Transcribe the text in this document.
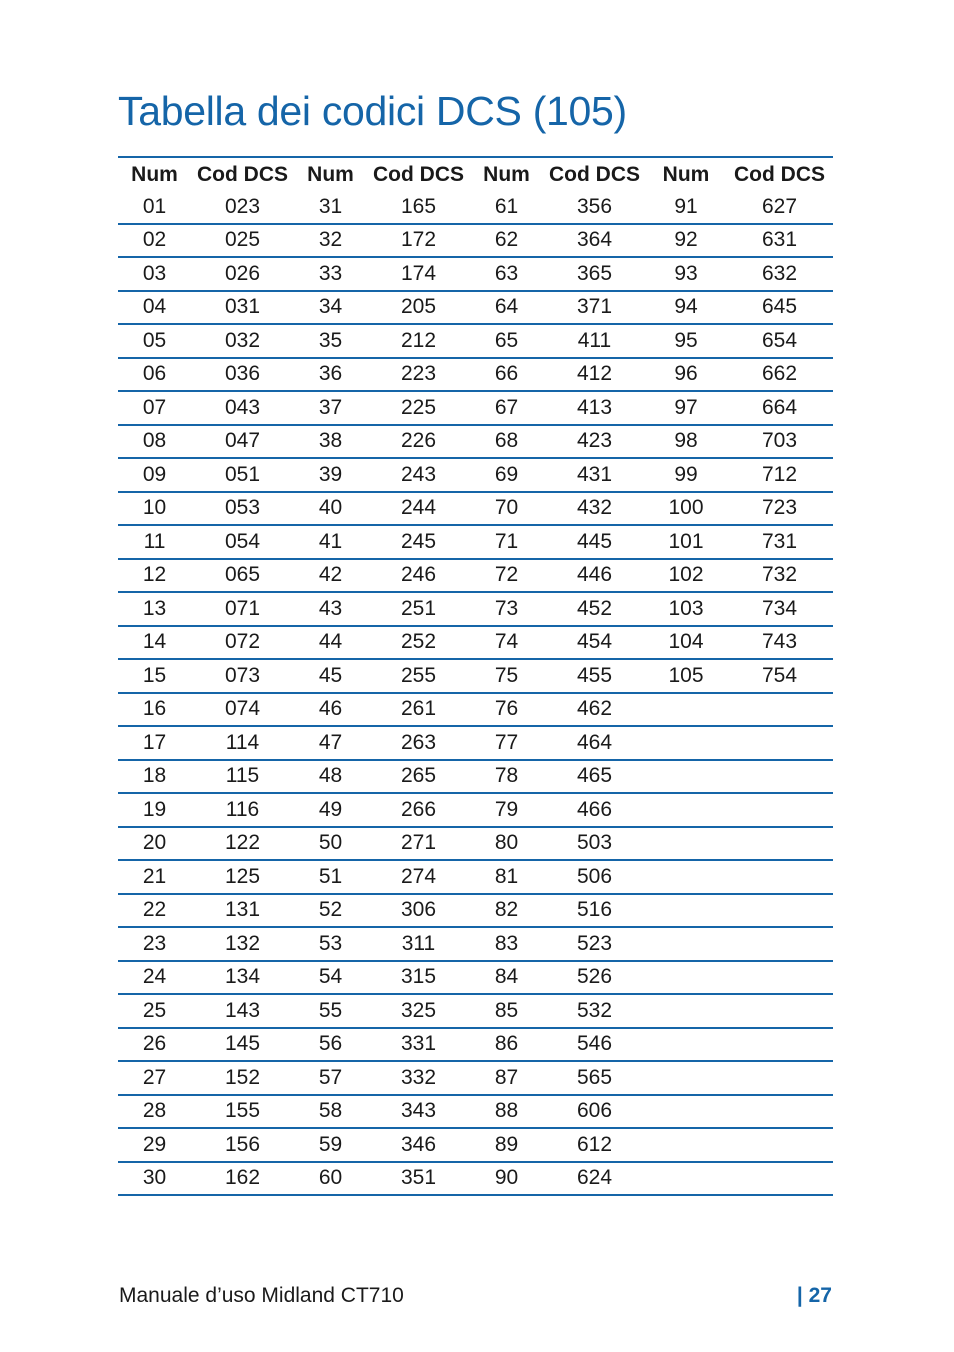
Tabella dei codici DCS (105)
Num	Cod DCS	Num	Cod DCS	Num	Cod DCS	Num	Cod DCS
01	023	31	165	61	356	91	627
02	025	32	172	62	364	92	631
03	026	33	174	63	365	93	632
04	031	34	205	64	371	94	645
05	032	35	212	65	411	95	654
06	036	36	223	66	412	96	662
07	043	37	225	67	413	97	664
08	047	38	226	68	423	98	703
09	051	39	243	69	431	99	712
10	053	40	244	70	432	100	723
11	054	41	245	71	445	101	731
12	065	42	246	72	446	102	732
13	071	43	251	73	452	103	734
14	072	44	252	74	454	104	743
15	073	45	255	75	455	105	754
16	074	46	261	76	462		
17	114	47	263	77	464		
18	115	48	265	78	465		
19	116	49	266	79	466		
20	122	50	271	80	503		
21	125	51	274	81	506		
22	131	52	306	82	516		
23	132	53	311	83	523		
24	134	54	315	84	526		
25	143	55	325	85	532		
26	145	56	331	86	546		
27	152	57	332	87	565		
28	155	58	343	88	606		
29	156	59	346	89	612		
30	162	60	351	90	624		
Manuale d’uso Midland CT710	| 27
